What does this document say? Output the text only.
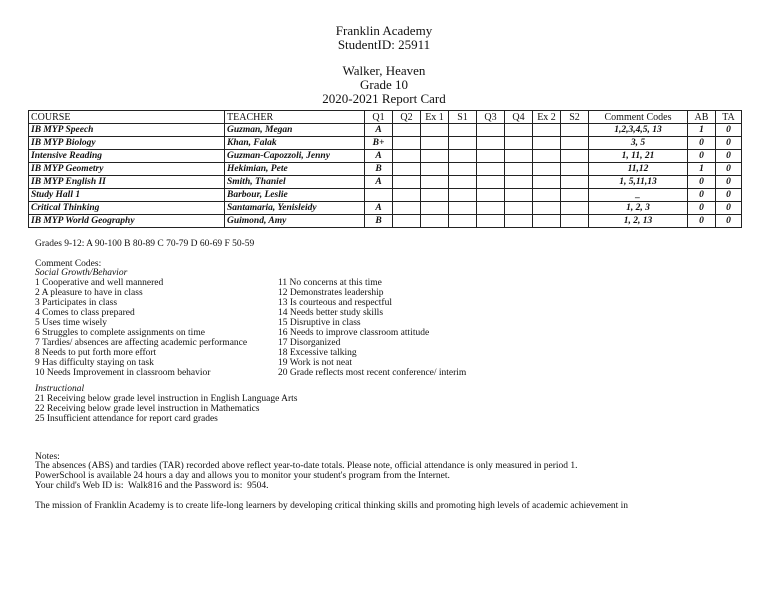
Franklin Academy
StudentID: 25911
Walker, Heaven
Grade 10
2020-2021 Report Card
COURSE	TEACHER	Q1	Q2	Ex 1	S1	Q3	Q4	Ex 2	S2	Comment Codes	AB	TA
IB MYP Speech	Guzman, Megan	A								1,2,3,4,5, 13	1	0
IB MYP Biology	Khan, Falak	B+								3, 5	0	0
Intensive Reading	Guzman-Capozzoli, Jenny	A								1, 11, 21	0	0
IB MYP Geometry	Hekimian, Pete	B								11,12	1	0
IB MYP English II	Smith, Thaniel	A								1, 5,11,13	0	0
Study Hall 1	Barbour, Leslie									_	0	0
Critical Thinking	Santamaria, Yenisleidy	A								1, 2, 3	0	0
IB MYP World Geography	Guimond, Amy	B								1, 2, 13	0	0
Grades 9-12: A 90-100 B 80-89 C 70-79 D 60-69 F 50-59
Comment Codes:
Social Growth/Behavior
1 Cooperative and well mannered
2 A pleasure to have in class
3 Participates in class
4 Comes to class prepared
5 Uses time wisely
6 Struggles to complete assignments on time
7 Tardies/ absences are affecting academic performance
8 Needs to put forth more effort
9 Has difficulty staying on task
10 Needs Improvement in classroom behavior
11 No concerns at this time
12 Demonstrates leadership
13 Is courteous and respectful
14 Needs better study skills
15 Disruptive in class
16 Needs to improve classroom attitude
17 Disorganized
18 Excessive talking
19 Work is not neat
20 Grade reflects most recent conference/ interim
Instructional
21 Receiving below grade level instruction in English Language Arts
22 Receiving below grade level instruction in Mathematics
25 Insufficient attendance for report card grades
Notes:
The absences (ABS) and tardies (TAR) recorded above reflect year-to-date totals. Please note, official attendance is only measured in period 1.
PowerSchool is available 24 hours a day and allows you to monitor your student's program from the Internet.
Your child's Web ID is:  Walk816 and the Password is:  9504.
The mission of Franklin Academy is to create life-long learners by developing critical thinking skills and promoting high levels of academic achievement in
